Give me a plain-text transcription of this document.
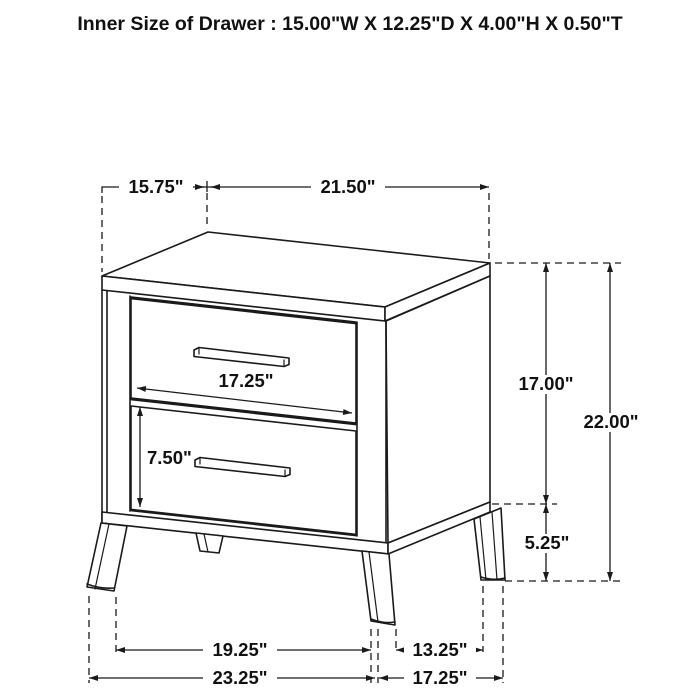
Inner Size of Drawer : 15.00"W X 12.25"D X 4.00"H X 0.50"T
15.75"	21.50"
17.25"
7.50"
17.00"
22.00"
5.25"
19.25"	13.25"
23.25"	17.25"
